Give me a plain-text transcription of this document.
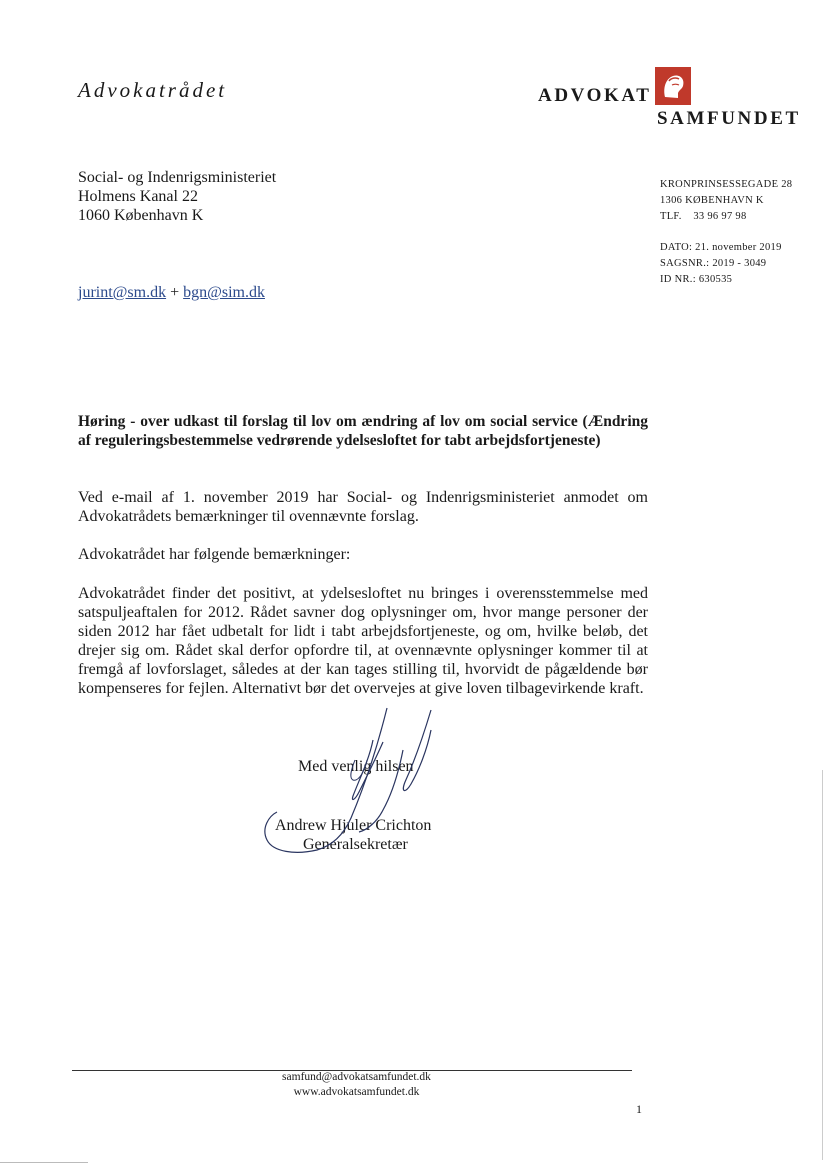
Advokatrådet	ADVOKAT
SAMFUNDET
Social- og Indenrigsministeriet
Holmens Kanal 22
1060 København K
KRONPRINSESSEGADE 28
1306 KØBENHAVN K
TLF. 33 96 97 98
DATO: 21. november 2019
SAGSNR.: 2019 - 3049
ID NR.: 630535
jurint@sm.dk + bgn@sim.dk
Høring - over udkast til forslag til lov om ændring af lov om social service (Ændring af reguleringsbestemmelse vedrørende ydelsesloftet for tabt arbejdsfortjeneste)
Ved e-mail af 1. november 2019 har Social- og Indenrigsministeriet anmodet om Advokatrådets bemærkninger til ovennævnte forslag.
Advokatrådet har følgende bemærkninger:
Advokatrådet finder det positivt, at ydelsesloftet nu bringes i overensstemmelse med satspuljeaftalen for 2012. Rådet savner dog oplysninger om, hvor mange personer der siden 2012 har fået udbetalt for lidt i tabt arbejdsfortjeneste, og om, hvilke beløb, det drejer sig om. Rådet skal derfor opfordre til, at ovennævnte oplysninger kommer til at fremgå af lovforslaget, således at der kan tages stilling til, hvorvidt de pågældende bør kompenseres for fejlen. Alternativt bør det overvejes at give loven tilbagevirkende kraft.
Med venlig hilsen
Andrew Hjuler Crichton
Generalsekretær
samfund@advokatsamfundet.dk
www.advokatsamfundet.dk
1
